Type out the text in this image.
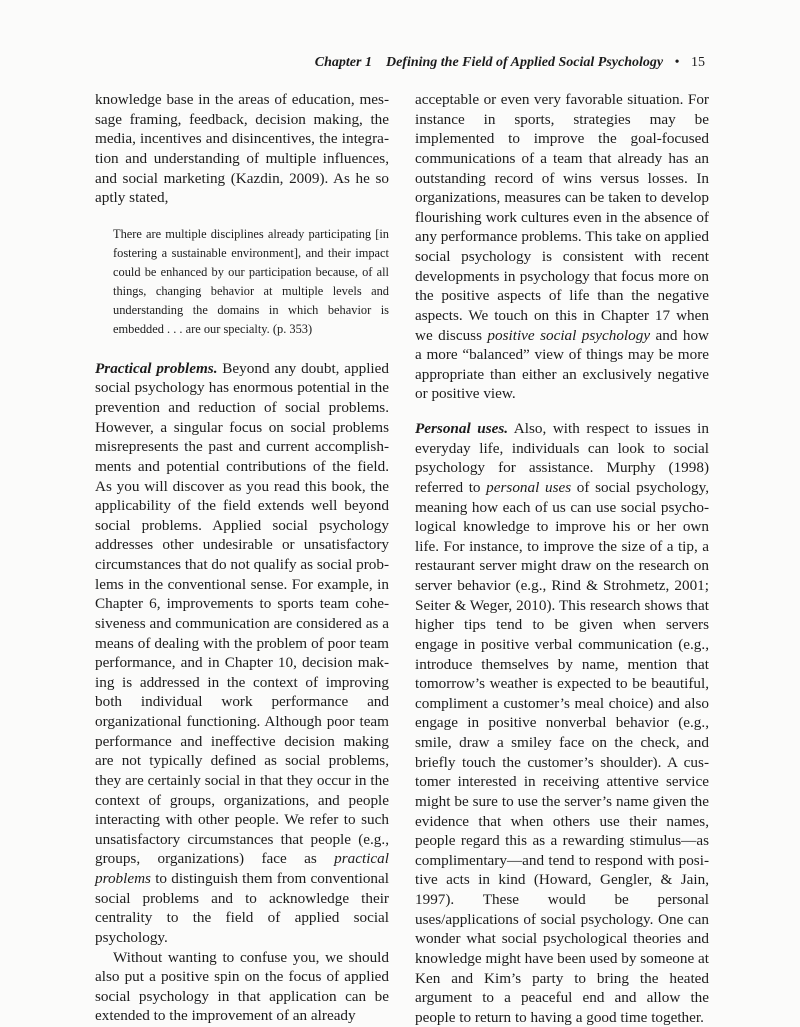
Chapter 1 Defining the Field of Applied Social Psychology • 15

knowledge base in the areas of education, message framing, feedback, decision making, the media, incentives and disincentives, the integration and understanding of multiple influences, and social marketing (Kazdin, 2009). As he so aptly stated,

There are multiple disciplines already participating [in fostering a sustainable environment], and their impact could be enhanced by our participation because, of all things, changing behavior at multiple levels and understanding the domains in which behavior is embedded . . . are our specialty. (p. 353)

Practical problems. Beyond any doubt, applied social psychology has enormous potential in the prevention and reduction of social problems. However, a singular focus on social problems misrepresents the past and current accomplishments and potential contributions of the field. As you will discover as you read this book, the applicability of the field extends well beyond social problems. Applied social psychology addresses other undesirable or unsatisfactory circumstances that do not qualify as social problems in the conventional sense. For example, in Chapter 6, improvements to sports team cohesiveness and communication are considered as a means of dealing with the problem of poor team performance, and in Chapter 10, decision making is addressed in the context of improving both individual work performance and organizational functioning. Although poor team performance and ineffective decision making are not typically defined as social problems, they are certainly social in that they occur in the context of groups, organizations, and people interacting with other people. We refer to such unsatisfactory circumstances that people (e.g., groups, organizations) face as practical problems to distinguish them from conventional social problems and to acknowledge their centrality to the field of applied social psychology.

Without wanting to confuse you, we should also put a positive spin on the focus of applied social psychology in that application can be extended to the improvement of an already

acceptable or even very favorable situation. For instance in sports, strategies may be implemented to improve the goal-focused communications of a team that already has an outstanding record of wins versus losses. In organizations, measures can be taken to develop flourishing work cultures even in the absence of any performance problems. This take on applied social psychology is consistent with recent developments in psychology that focus more on the positive aspects of life than the negative aspects. We touch on this in Chapter 17 when we discuss positive social psychology and how a more “balanced” view of things may be more appropriate than either an exclusively negative or positive view.

Personal uses. Also, with respect to issues in everyday life, individuals can look to social psychology for assistance. Murphy (1998) referred to personal uses of social psychology, meaning how each of us can use social psychological knowledge to improve his or her own life. For instance, to improve the size of a tip, a restaurant server might draw on the research on server behavior (e.g., Rind & Strohmetz, 2001; Seiter & Weger, 2010). This research shows that higher tips tend to be given when servers engage in positive verbal communication (e.g., introduce themselves by name, mention that tomorrow’s weather is expected to be beautiful, compliment a customer’s meal choice) and also engage in positive nonverbal behavior (e.g., smile, draw a smiley face on the check, and briefly touch the customer’s shoulder). A customer interested in receiving attentive service might be sure to use the server’s name given the evidence that when others use their names, people regard this as a rewarding stimulus—as complimentary—and tend to respond with positive acts in kind (Howard, Gengler, & Jain, 1997). These would be personal uses/applications of social psychology. One can wonder what social psychological theories and knowledge might have been used by someone at Ken and Kim’s party to bring the heated argument to a peaceful end and allow the people to return to having a good time together.
